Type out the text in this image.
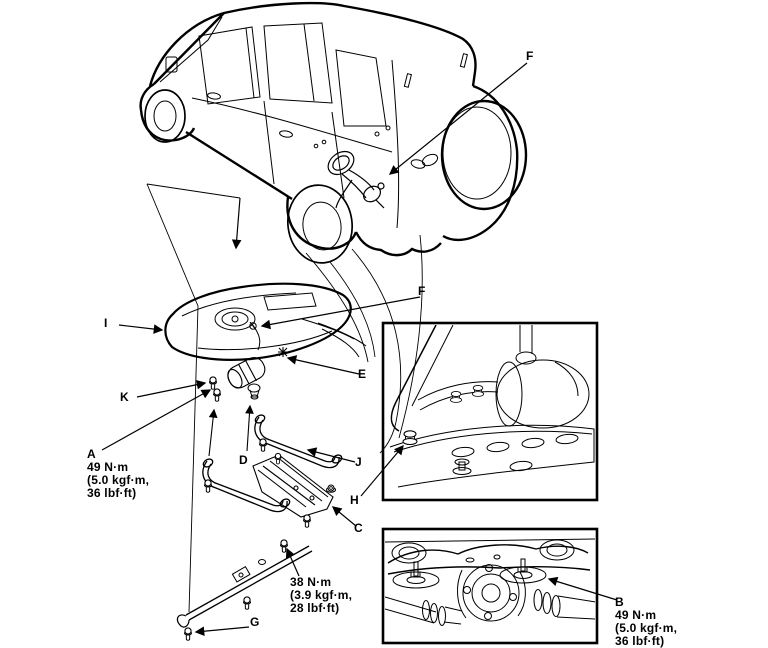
F
F
I
K
E
D	J
H
C
G
A
49 N·m
(5.0 kgf·m,
36 lbf·ft)
38 N·m
(3.9 kgf·m,
28 lbf·ft)	B
49 N·m
(5.0 kgf·m,
36 lbf·ft)
